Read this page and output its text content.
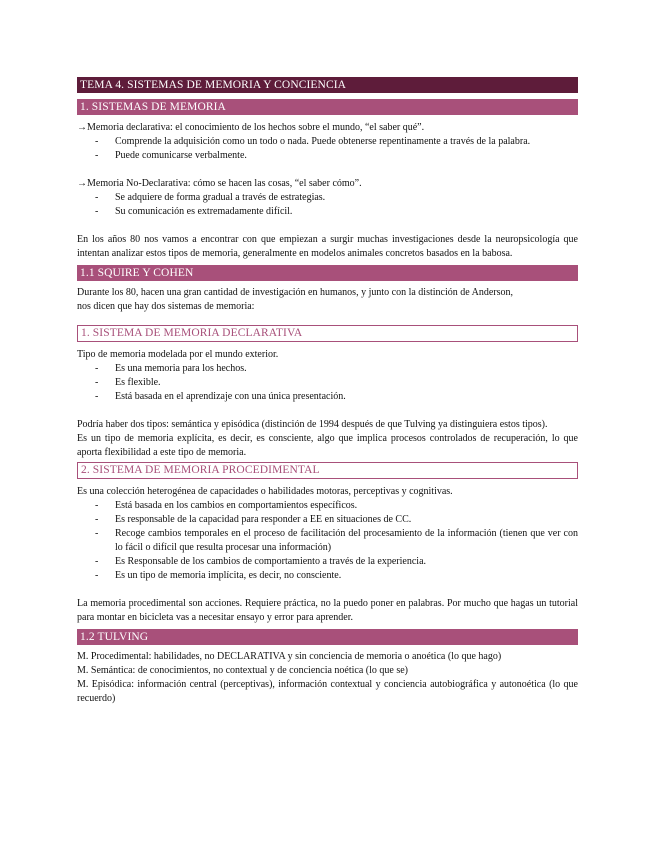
TEMA 4. SISTEMAS DE MEMORIA Y CONCIENCIA
1. SISTEMAS DE MEMORIA

→Memoria declarativa: el conocimiento de los hechos sobre el mundo, “el saber qué”.

- Comprende la adquisición como un todo o nada. Puede obtenerse repentinamente a través de la palabra.
- Puede comunicarse verbalmente.

→Memoria No-Declarativa: cómo se hacen las cosas, “el saber cómo”.

- Se adquiere de forma gradual a través de estrategias.
- Su comunicación es extremadamente difícil.

En los años 80 nos vamos a encontrar con que empiezan a surgir muchas investigaciones desde la neuropsicología que intentan analizar estos tipos de memoria, generalmente en modelos animales concretos basados en la babosa.

1.1 SQUIRE Y COHEN

Durante los 80, hacen una gran cantidad de investigación en humanos, y junto con la distinción de Anderson,

nos dicen que hay dos sistemas de memoria:

1. SISTEMA DE MEMORIA DECLARATIVA

Tipo de memoria modelada por el mundo exterior.

- Es una memoria para los hechos.
- Es flexible.
- Está basada en el aprendizaje con una única presentación.

Podría haber dos tipos: semántica y episódica (distinción de 1994 después de que Tulving ya distinguiera estos tipos).

Es un tipo de memoria explícita, es decir, es consciente, algo que implica procesos controlados de recuperación, lo que aporta flexibilidad a este tipo de memoria.

2. SISTEMA DE MEMORIA PROCEDIMENTAL

Es una colección heterogénea de capacidades o habilidades motoras, perceptivas y cognitivas.

- Está basada en los cambios en comportamientos específicos.
- Es responsable de la capacidad para responder a EE en situaciones de CC.
- Recoge cambios temporales en el proceso de facilitación del procesamiento de la información (tienen que ver con lo fácil o difícil que resulta procesar una información)
- Es Responsable de los cambios de comportamiento a través de la experiencia.
- Es un tipo de memoria implícita, es decir, no consciente.

La memoria procedimental son acciones. Requiere práctica, no la puedo poner en palabras. Por mucho que hagas un tutorial para montar en bicicleta vas a necesitar ensayo y error para aprender.

1.2 TULVING

M. Procedimental: habilidades, no DECLARATIVA y sin conciencia de memoria o anoética (lo que hago)

M. Semántica: de conocimientos, no contextual y de conciencia noética (lo que se)

M. Episódica: información central (perceptivas), información contextual y conciencia autobiográfica y autonoética (lo que recuerdo)
